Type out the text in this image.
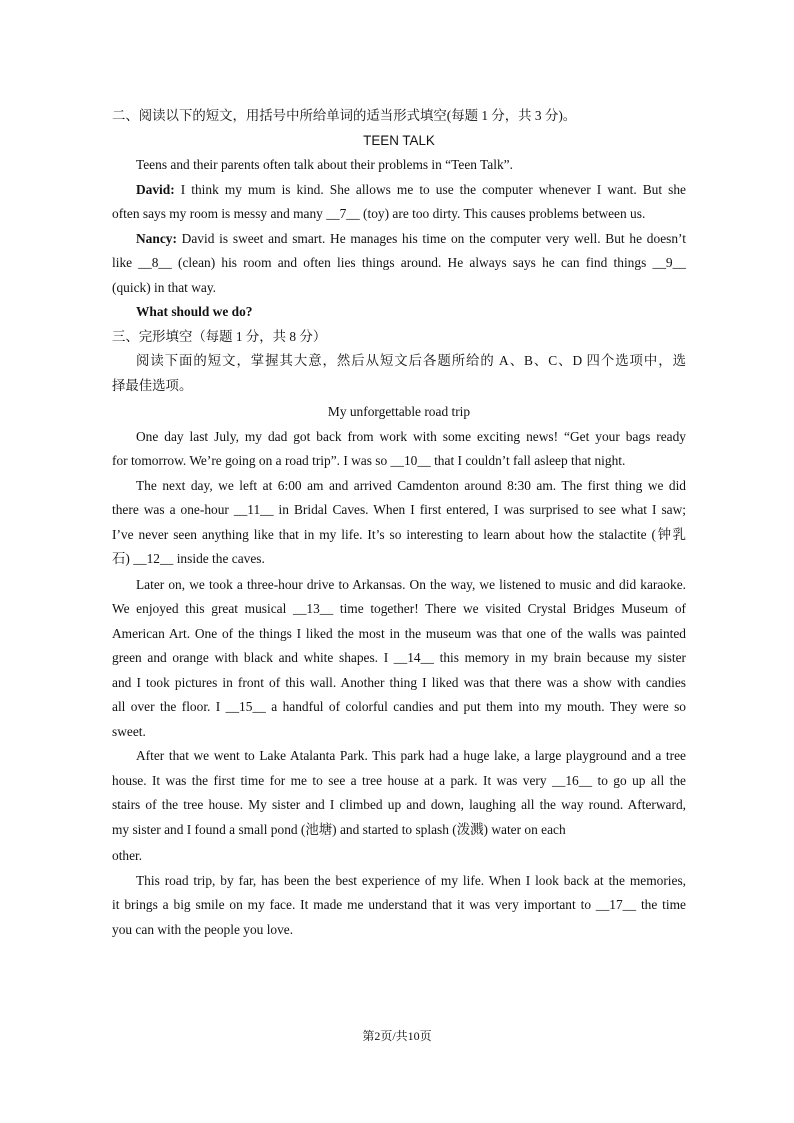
二、阅读以下的短文，用括号中所给单词的适当形式填空(每题 1 分，共 3 分)。
TEEN TALK
Teens and their parents often talk about their problems in “Teen Talk”.
David: I think my mum is kind. She allows me to use the computer whenever I want. But she
often says my room is messy and many __7__ (toy) are too dirty. This causes problems between us.
Nancy: David is sweet and smart. He manages his time on the computer very well. But he doesn’t
like __8__ (clean) his room and often lies things around. He always says he can find things __9__
(quick) in that way.
What should we do?
三、完形填空（每题 1 分，共 8 分）
阅读下面的短文，掌握其大意，然后从短文后各题所给的 A、B、C、D 四个选项中，选
择最佳选项。
My unforgettable road trip
One day last July, my dad got back from work with some exciting news! “Get your bags ready
for tomorrow. We’re going on a road trip”. I was so __10__ that I couldn’t fall asleep that night.
The next day, we left at 6:00 am and arrived Camdenton around 8:30 am. The first thing we did
there was a one-hour __11__ in Bridal Caves. When I first entered, I was surprised to see what I saw;
I’ve never seen anything like that in my life. It’s so interesting to learn about how the stalactite (钟乳
石) __12__ inside the caves.
Later on, we took a three-hour drive to Arkansas. On the way, we listened to music and did karaoke.
We enjoyed this great musical __13__ time together! There we visited Crystal Bridges Museum of
American Art. One of the things I liked the most in the museum was that one of the walls was painted
green and orange with black and white shapes. I __14__ this memory in my brain because my sister
and I took pictures in front of this wall. Another thing I liked was that there was a show with candies
all over the floor. I __15__ a handful of colorful candies and put them into my mouth. They were so
sweet.
After that we went to Lake Atalanta Park. This park had a huge lake, a large playground and a tree
house. It was the first time for me to see a tree house at a park. It was very __16__ to go up all the
stairs of the tree house. My sister and I climbed up and down, laughing all the way round. Afterward,
my sister and I found a small pond (池塘) and started to splash (泼溅) water on each
other.
This road trip, by far, has been the best experience of my life. When I look back at the memories,
it brings a big smile on my face. It made me understand that it was very important to __17__ the time
you can with the people you love.
第2页/共10页
